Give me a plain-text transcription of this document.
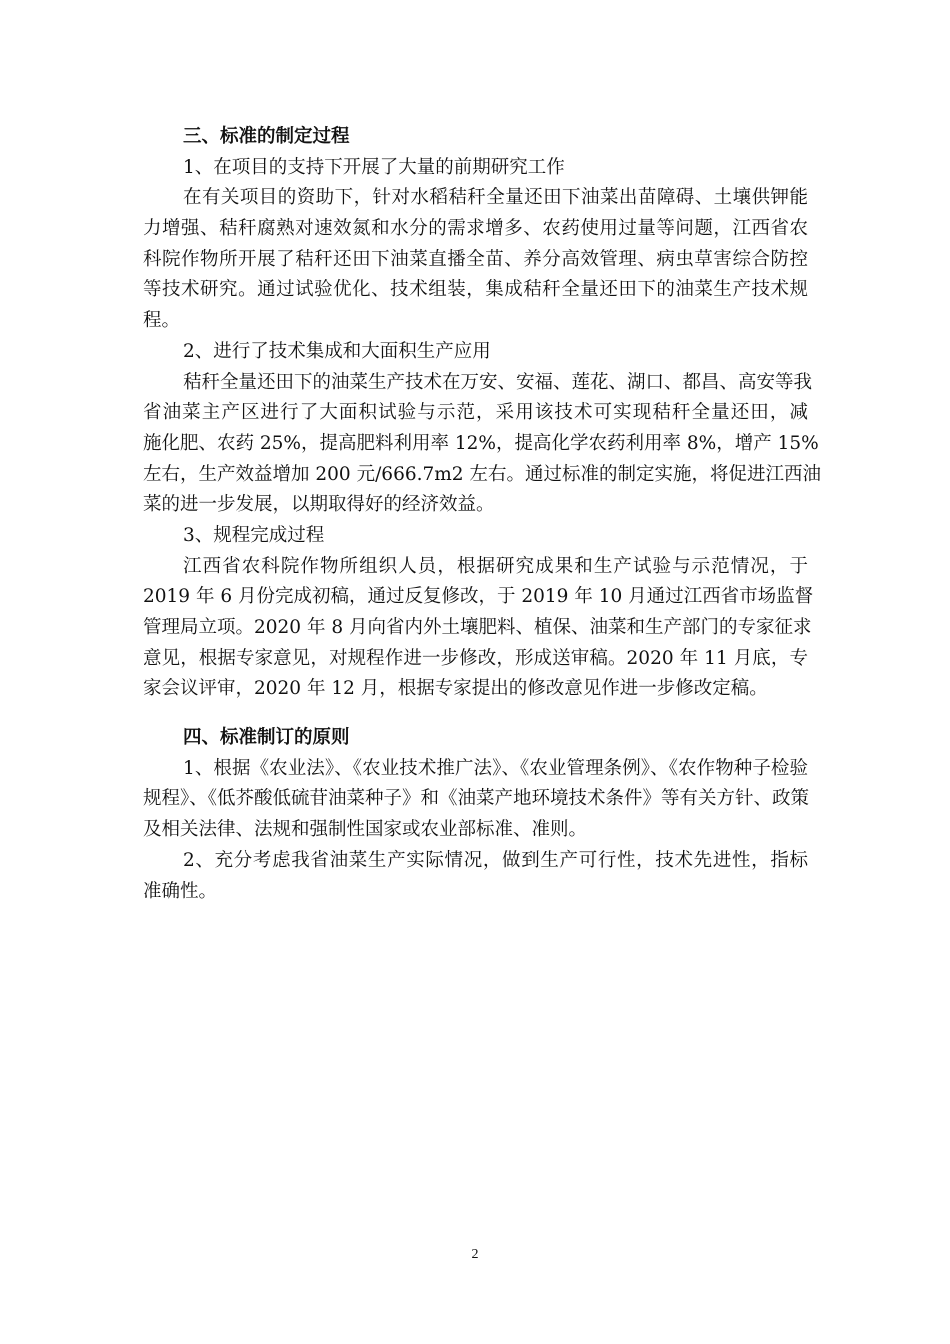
三、标准的制定过程
1、在项目的支持下开展了大量的前期研究工作
在有关项目的资助下，针对水稻秸秆全量还田下油菜出苗障碍、土壤供钾能
力增强、秸秆腐熟对速效氮和水分的需求增多、农药使用过量等问题，江西省农
科院作物所开展了秸秆还田下油菜直播全苗、养分高效管理、病虫草害综合防控
等技术研究。通过试验优化、技术组装，集成秸秆全量还田下的油菜生产技术规
程。
2、进行了技术集成和大面积生产应用
秸秆全量还田下的油菜生产技术在万安、安福、莲花、湖口、都昌、高安等我
省油菜主产区进行了大面积试验与示范，采用该技术可实现秸秆全量还田，减
施化肥、农药 25%，提高肥料利用率 12%，提高化学农药利用率 8%，增产 15%
左右，生产效益增加 200 元/666.7m2 左右。通过标准的制定实施，将促进江西油
菜的进一步发展，以期取得好的经济效益。
3、规程完成过程
江西省农科院作物所组织人员，根据研究成果和生产试验与示范情况，于
2019 年 6 月份完成初稿，通过反复修改，于 2019 年 10 月通过江西省市场监督
管理局立项。2020 年 8 月向省内外土壤肥料、植保、油菜和生产部门的专家征求
意见，根据专家意见，对规程作进一步修改，形成送审稿。2020 年 11 月底，专
家会议评审，2020 年 12 月，根据专家提出的修改意见作进一步修改定稿。
四、标准制订的原则
1、根据《农业法》、《农业技术推广法》、《农业管理条例》、《农作物种子检验
规程》、《低芥酸低硫苷油菜种子》和《油菜产地环境技术条件》等有关方针、政策
及相关法律、法规和强制性国家或农业部标准、准则。
2、充分考虑我省油菜生产实际情况，做到生产可行性，技术先进性，指标
准确性。
2
